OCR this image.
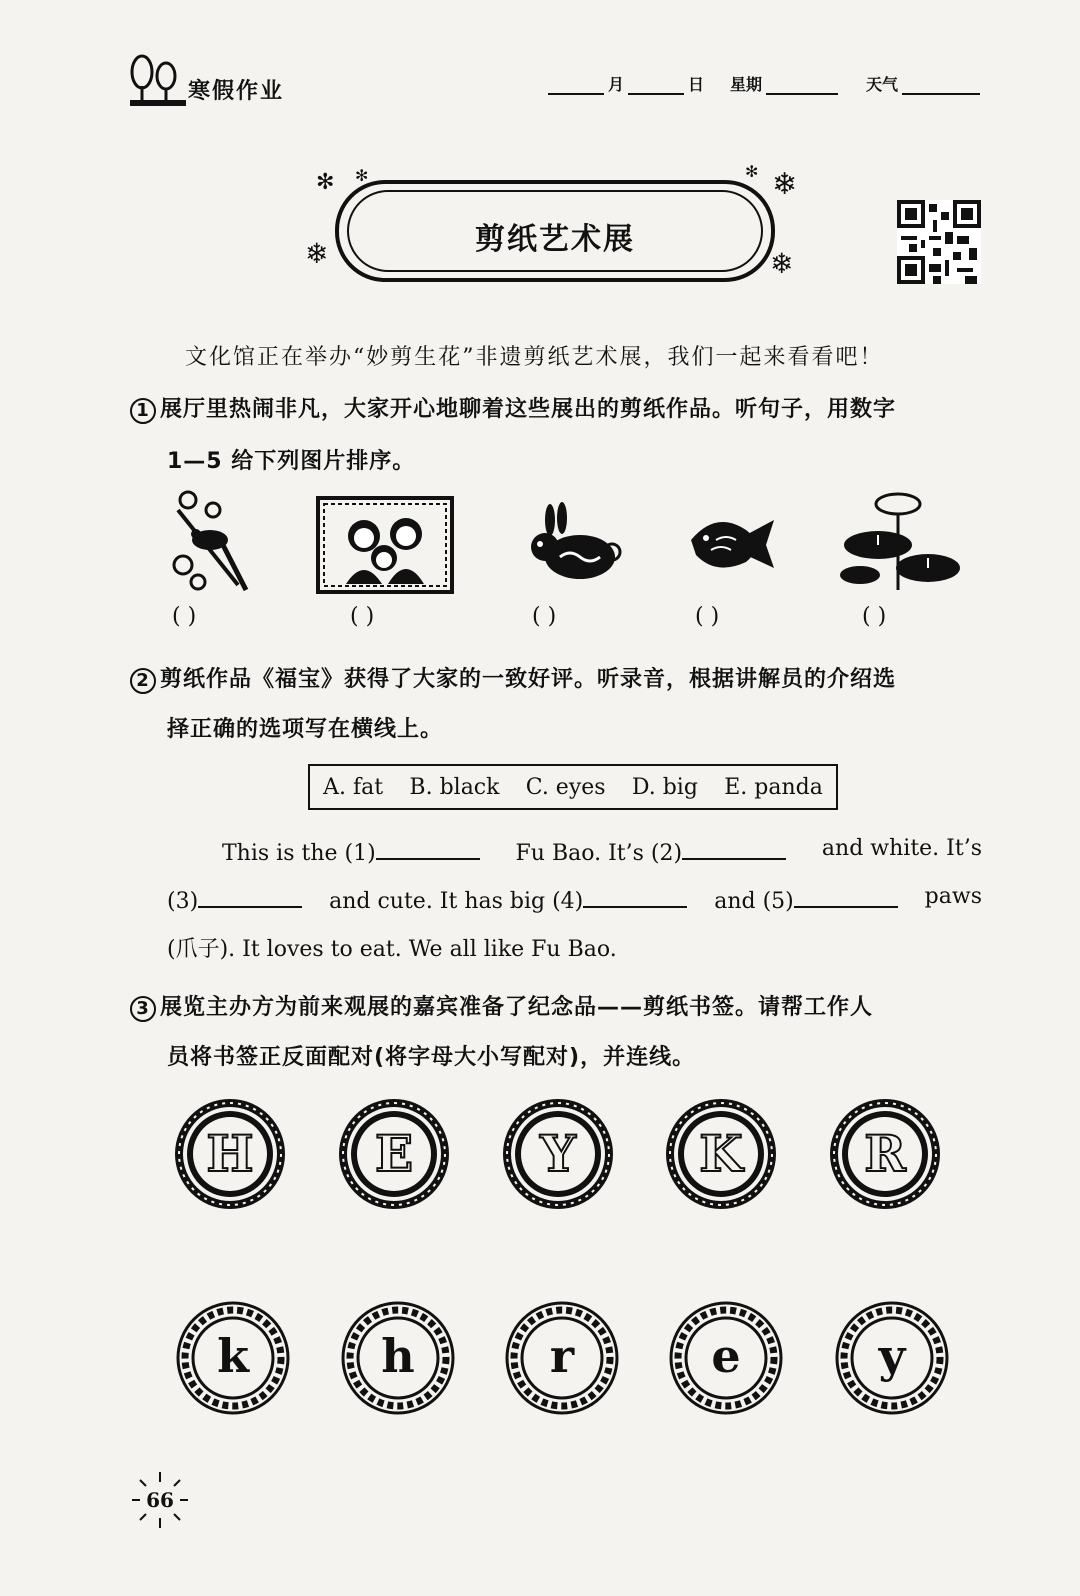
寒假作业	月	日 星期	天气
剪纸艺术展
✻
❄
✻	❄
❄
✻
文化馆正在举办“妙剪生花”非遗剪纸艺术展，我们一起来看看吧！
1 展厅里热闹非凡，大家开心地聊着这些展出的剪纸作品。听句子，用数字
1—5 给下列图片排序。
( )	( )	( )	( )	( )
2 剪纸作品《福宝》获得了大家的一致好评。听录音，根据讲解员的介绍选
择正确的选项写在横线上。
A. fat B. black C. eyes D. big E. panda
This is the (1)	Fu Bao. It’s (2)	and white. It’s
(3)	and cute. It has big (4)	and (5)	paws
(爪子). It loves to eat. We all like Fu Bao.
3 展览主办方为前来观展的嘉宾准备了纪念品——剪纸书签。请帮工作人
员将书签正反面配对(将字母大小写配对)，并连线。
H	E	Y	K	R
k	h	r	e	y
66
